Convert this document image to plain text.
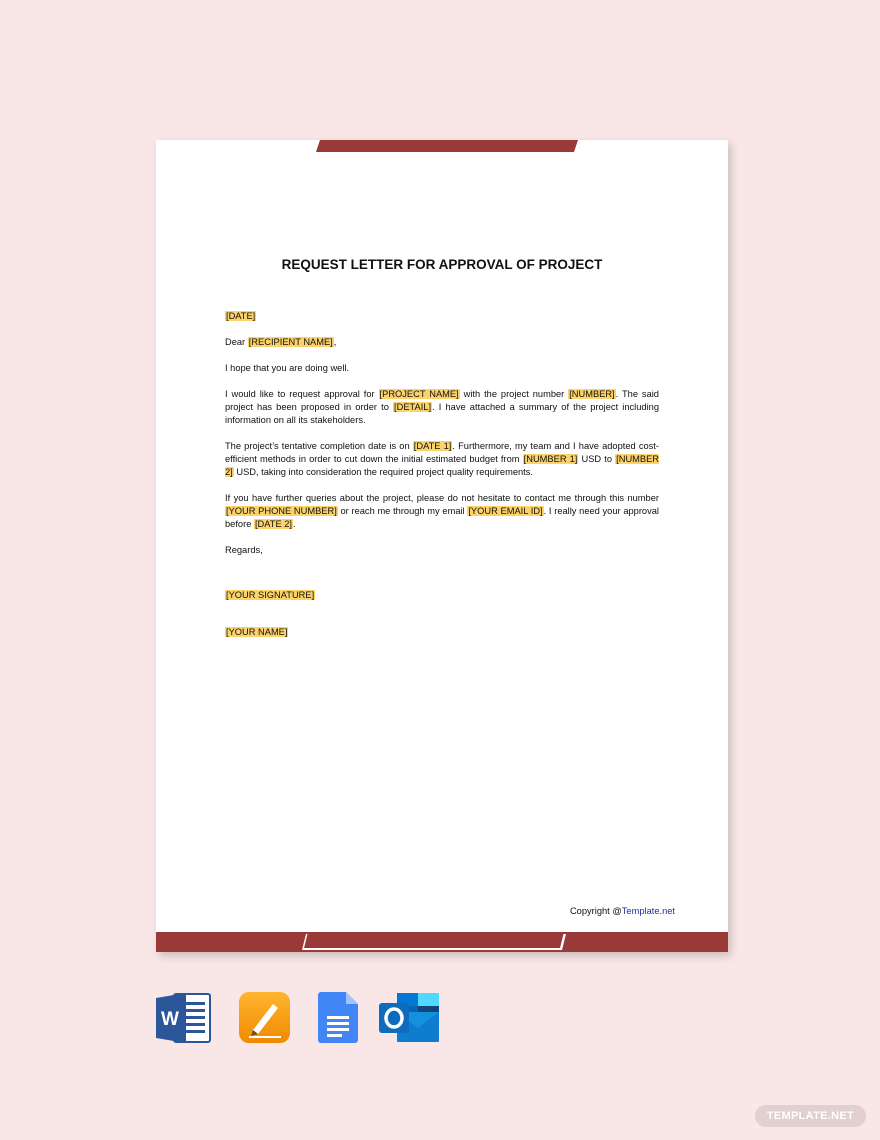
REQUEST LETTER FOR APPROVAL OF PROJECT

[DATE]

Dear [RECIPIENT NAME],

I hope that you are doing well.

I would like to request approval for [PROJECT NAME] with the project number [NUMBER]. The said project has been proposed in order to [DETAIL]. I have attached a summary of the project including information on all its stakeholders.

The project’s tentative completion date is on [DATE 1]. Furthermore, my team and I have adopted cost-efficient methods in order to cut down the initial estimated budget from [NUMBER 1] USD to [NUMBER 2] USD, taking into consideration the required project quality requirements.

If you have further queries about the project, please do not hesitate to contact me through this number [YOUR PHONE NUMBER] or reach me through my email [YOUR EMAIL ID]. I really need your approval before [DATE 2].

Regards,

[YOUR SIGNATURE]

[YOUR NAME]

Copyright @Template.net
W
TEMPLATE.NET
